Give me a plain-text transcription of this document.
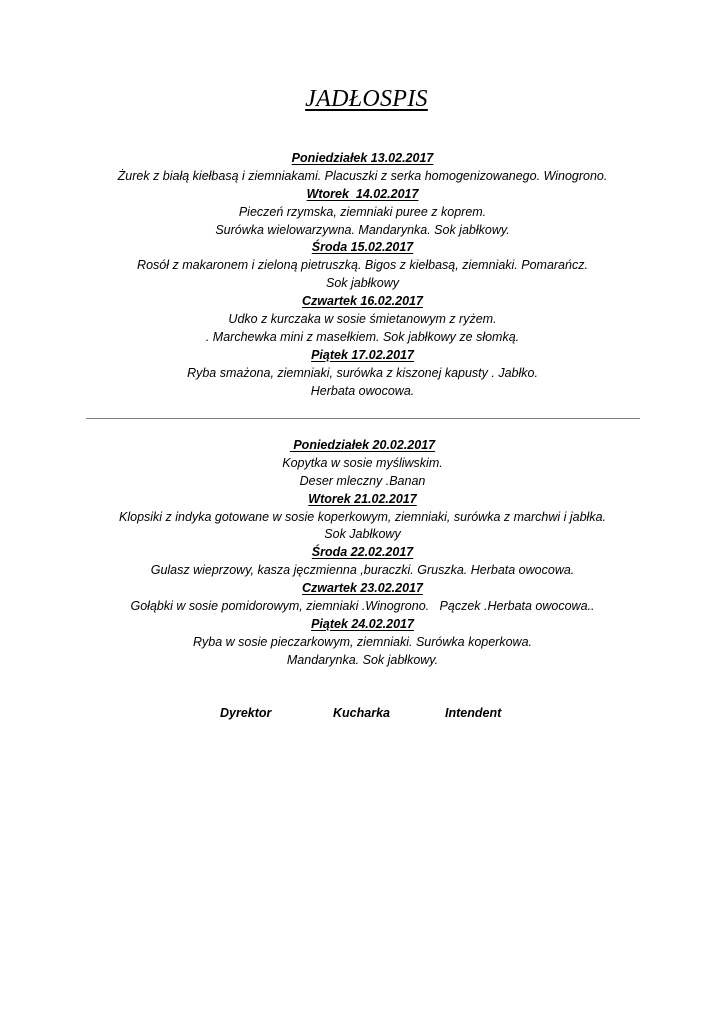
JADŁOSPIS
Poniedziałek 13.02.2017
Żurek z białą kiełbasą i ziemniakami. Placuszki z serka homogenizowanego. Winogrono.
Wtorek  14.02.2017
Pieczeń rzymska, ziemniaki puree z koprem.
Surówka wielowarzywna. Mandarynka. Sok jabłkowy.
Środa 15.02.2017
Rosół z makaronem i zieloną pietruszką. Bigos z kiełbasą, ziemniaki. Pomarańcz.
Sok jabłkowy
Czwartek 16.02.2017
Udko z kurczaka w sosie śmietanowym z ryżem.
. Marchewka mini z masełkiem. Sok jabłkowy ze słomką.
Piątek 17.02.2017
Ryba smażona, ziemniaki, surówka z kiszonej kapusty . Jabłko.
Herbata owocowa.
Poniedziałek 20.02.2017
Kopytka w sosie myśliwskim.
Deser mleczny .Banan
Wtorek 21.02.2017
Klopsiki z indyka gotowane w sosie koperkowym, ziemniaki, surówka z marchwi i jabłka.
Sok Jabłkowy
Środa 22.02.2017
Gulasz wieprzowy, kasza jęczmienna ,buraczki. Gruszka. Herbata owocowa.
Czwartek 23.02.2017
Gołąbki w sosie pomidorowym, ziemniaki .Winogrono.   Pączek .Herbata owocowa..
Piątek 24.02.2017
Ryba w sosie pieczarkowym, ziemniaki. Surówka koperkowa.
Mandarynka. Sok jabłkowy.
Dyrektor	Kucharka	Intendent
